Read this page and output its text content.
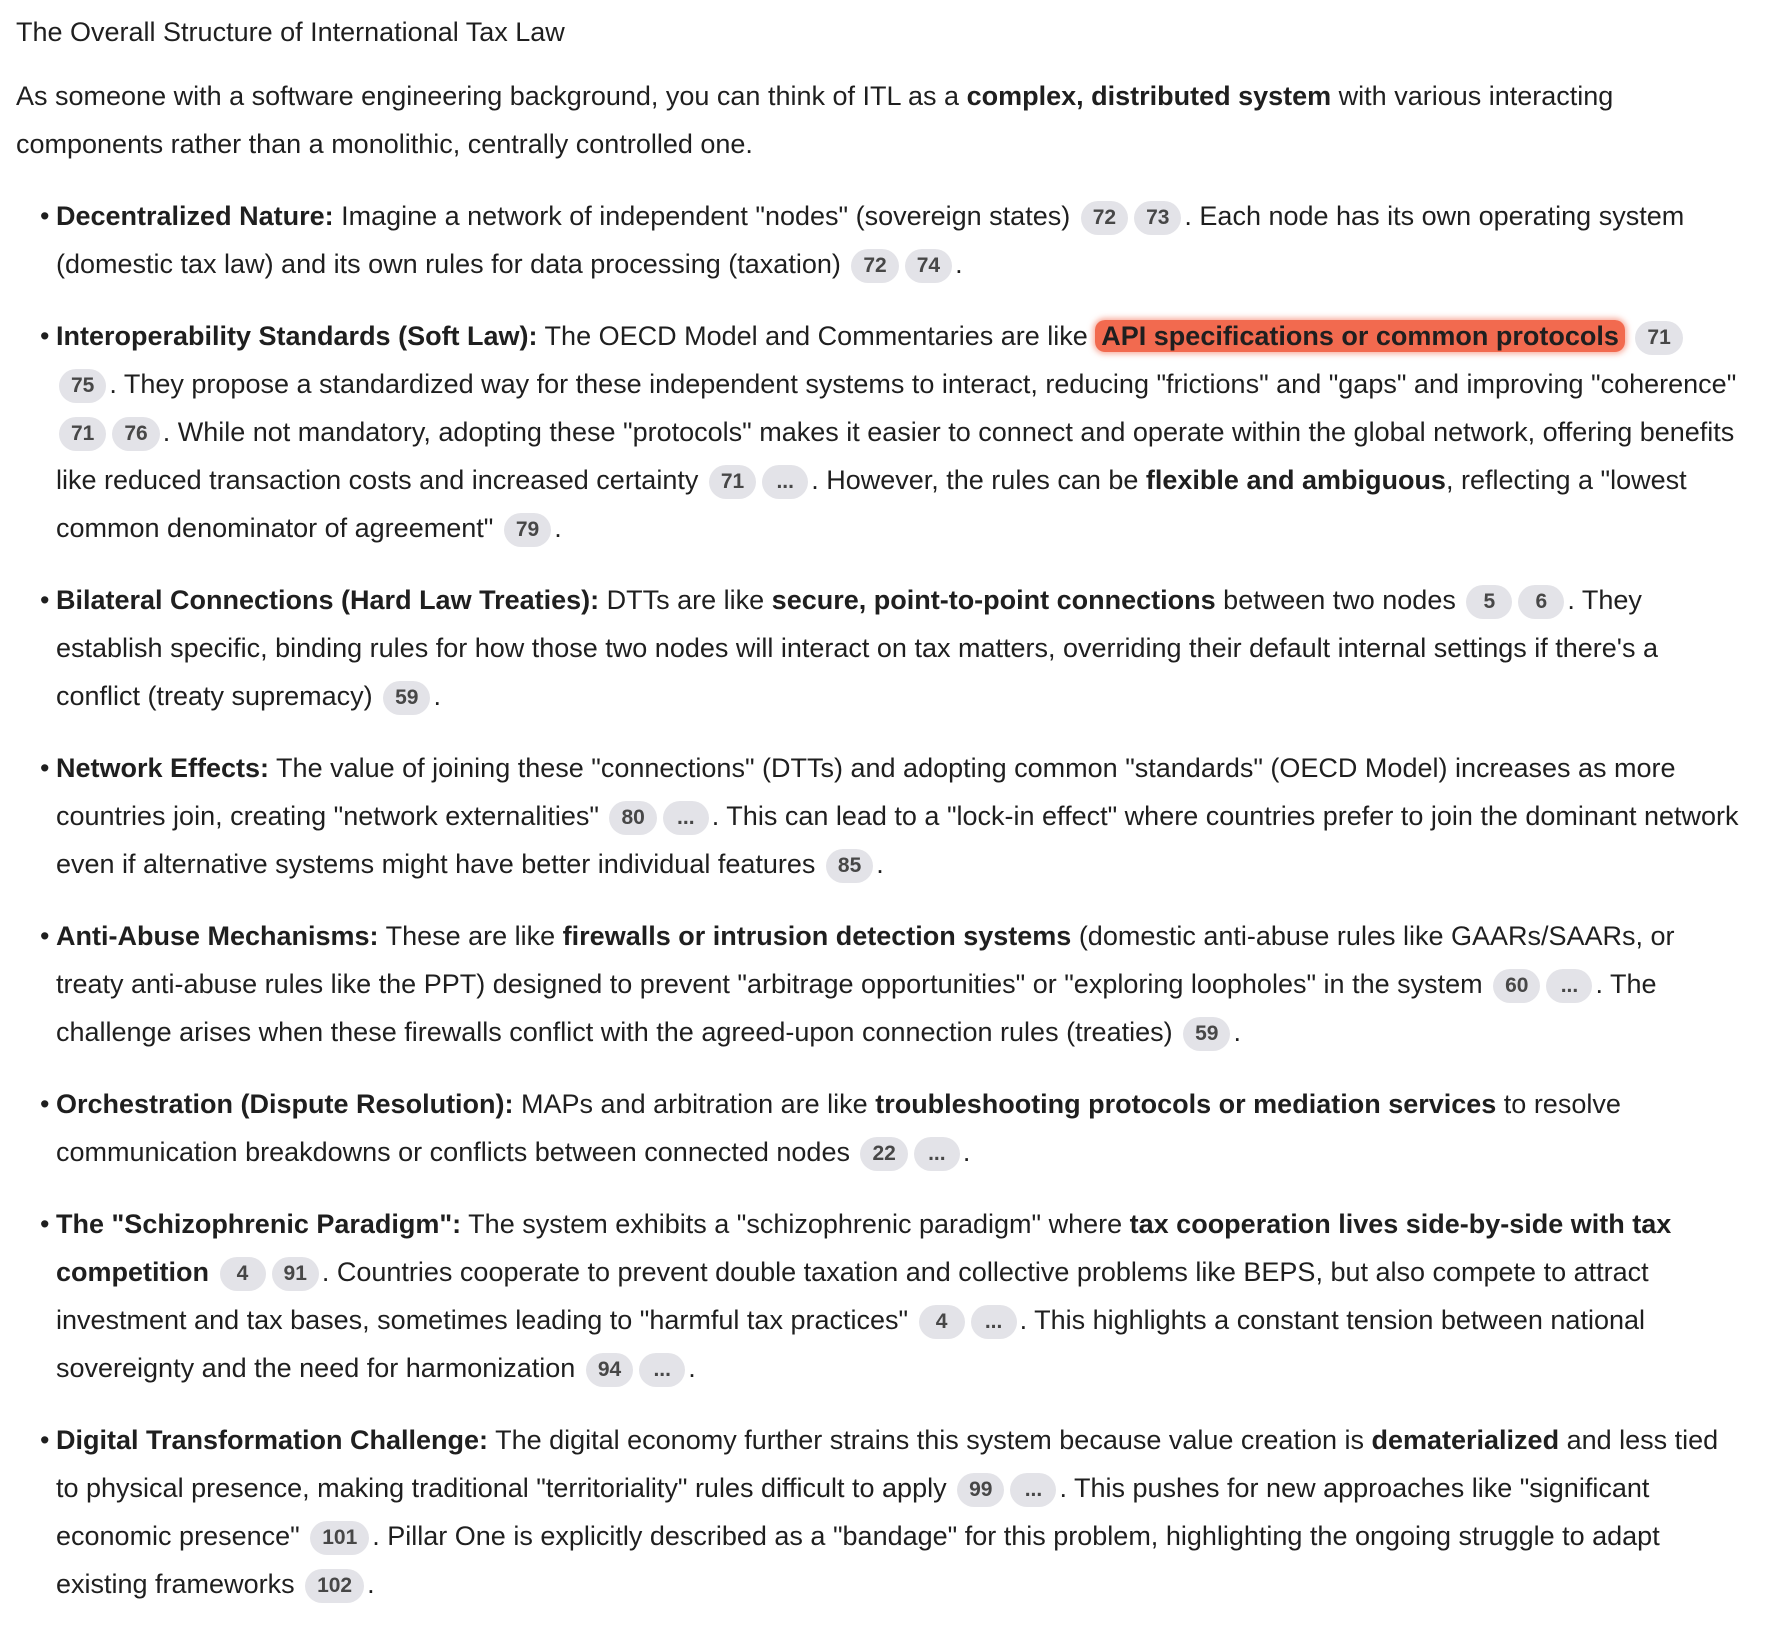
The Overall Structure of International Tax Law

As someone with a software engineering background, you can think of ITL as a complex, distributed system with various interacting components rather than a monolithic, centrally controlled one.

• Decentralized Nature: Imagine a network of independent "nodes" (sovereign states) 72 73 . Each node has its own operating system (domestic tax law) and its own rules for data processing (taxation) 72 74 .
• Interoperability Standards (Soft Law): The OECD Model and Commentaries are like API specifications or common protocols 71 75 . They propose a standardized way for these independent systems to interact, reducing "frictions" and "gaps" and improving "coherence" 71 76 . While not mandatory, adopting these "protocols" makes it easier to connect and operate within the global network, offering benefits like reduced transaction costs and increased certainty 71 ... . However, the rules can be flexible and ambiguous, reflecting a "lowest common denominator of agreement" 79 .
• Bilateral Connections (Hard Law Treaties): DTTs are like secure, point-to-point connections between two nodes 5 6 . They establish specific, binding rules for how those two nodes will interact on tax matters, overriding their default internal settings if there's a conflict (treaty supremacy) 59 .
• Network Effects: The value of joining these "connections" (DTTs) and adopting common "standards" (OECD Model) increases as more countries join, creating "network externalities" 80 ... . This can lead to a "lock-in effect" where countries prefer to join the dominant network even if alternative systems might have better individual features 85 .
• Anti-Abuse Mechanisms: These are like firewalls or intrusion detection systems (domestic anti-abuse rules like GAARs/SAARs, or treaty anti-abuse rules like the PPT) designed to prevent "arbitrage opportunities" or "exploring loopholes" in the system 60 ... . The challenge arises when these firewalls conflict with the agreed-upon connection rules (treaties) 59 .
• Orchestration (Dispute Resolution): MAPs and arbitration are like troubleshooting protocols or mediation services to resolve communication breakdowns or conflicts between connected nodes 22 ... .
• The "Schizophrenic Paradigm": The system exhibits a "schizophrenic paradigm" where tax cooperation lives side-by-side with tax competition 4 91 . Countries cooperate to prevent double taxation and collective problems like BEPS, but also compete to attract investment and tax bases, sometimes leading to "harmful tax practices" 4 ... . This highlights a constant tension between national sovereignty and the need for harmonization 94 ... .
• Digital Transformation Challenge: The digital economy further strains this system because value creation is dematerialized and less tied to physical presence, making traditional "territoriality" rules difficult to apply 99 ... . This pushes for new approaches like "significant economic presence" 101 . Pillar One is explicitly described as a "bandage" for this problem, highlighting the ongoing struggle to adapt existing frameworks 102 .
